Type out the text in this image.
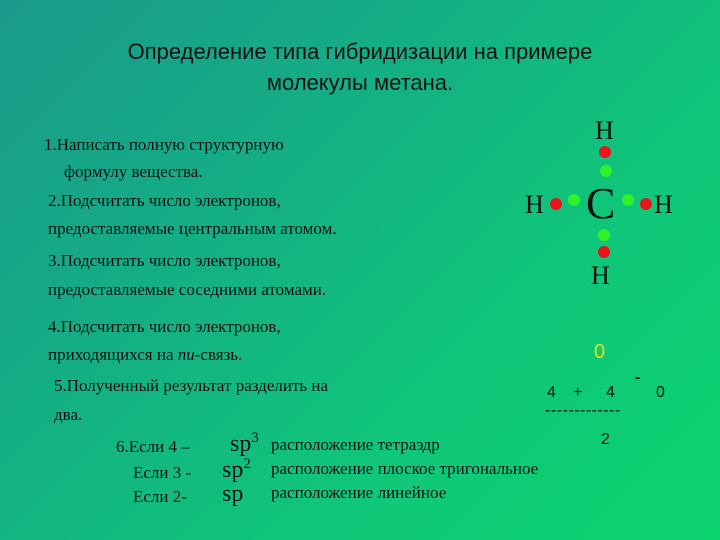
Определение типа гибридизации на примере
молекулы метана.
1.Написать полную структурную
формулу вещества.
2.Подсчитать число электронов,
предоставляемые центральным атомом.
3.Подсчитать число электронов,
предоставляемые соседними атомами.
4.Подсчитать число электронов,
приходящихся на пи-связь.
5.Полученный результат разделить на
два.
6.Если $4 - sp^3$ расположение тетраэдр
Если $3 - sp^2$ расположение плоское тригональное
Если 2- sp расположение линейное
H
H C H
H
0
4 + 4
-
0
-------------
2
